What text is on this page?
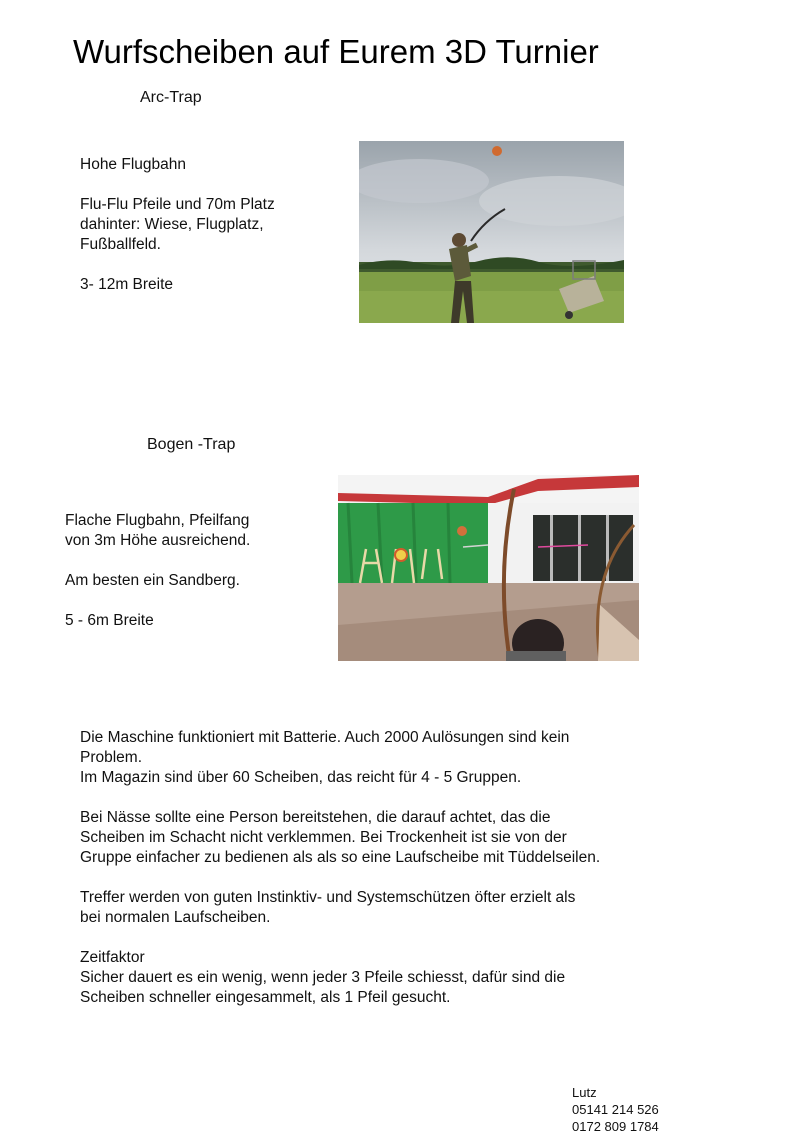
Wurfscheiben auf Eurem 3D Turnier
Arc-Trap

Hohe Flugbahn

Flu-Flu Pfeile und 70m Platz

dahinter: Wiese, Flugplatz,

Fußballfeld.

3- 12m Breite

Bogen -Trap

Flache Flugbahn, Pfeilfang

von 3m Höhe ausreichend.

Am besten ein Sandberg.

5 - 6m Breite

Die Maschine funktioniert mit Batterie. Auch 2000 Aulösungen sind kein

Problem.

Im Magazin sind über 60 Scheiben, das reicht für 4 - 5 Gruppen.

Bei Nässe sollte eine Person bereitstehen, die darauf achtet, das die

Scheiben im Schacht nicht verklemmen. Bei Trockenheit ist sie von der

Gruppe einfacher zu bedienen als als so eine Laufscheibe mit Tüddelseilen.

Treffer werden von guten Instinktiv- und Systemschützen öfter erzielt als

bei normalen Laufscheiben.

Zeitfaktor

Sicher dauert es ein wenig, wenn jeder 3 Pfeile schiesst, dafür sind die

Scheiben schneller eingesammelt, als 1 Pfeil gesucht.

Lutz
05141 214 526
0172 809 1784
